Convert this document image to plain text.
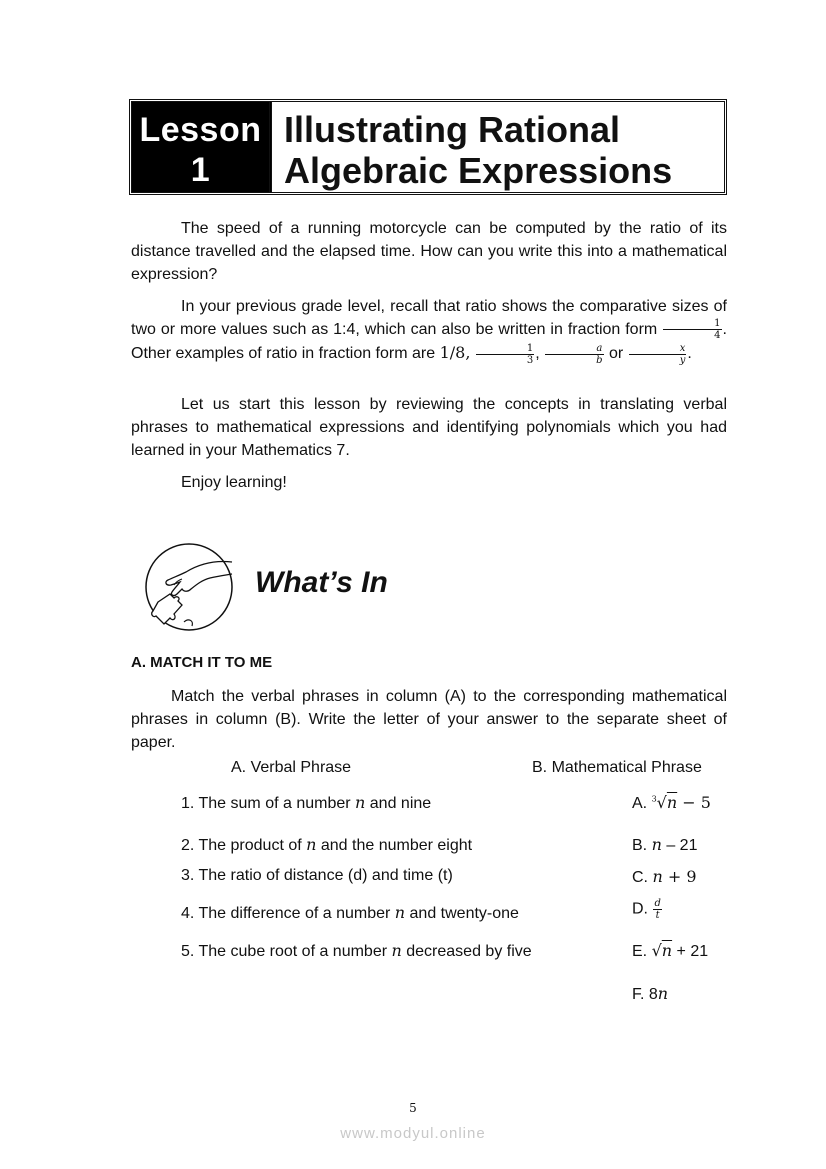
Lesson
1
Illustrating Rational
Algebraic Expressions

The speed of a running motorcycle can be computed by the ratio of its distance travelled and the elapsed time. How can you write this into a mathematical expression?

In your previous grade level, recall that ratio shows the comparative sizes of two or more values such as 1:4, which can also be written in fraction form $\frac{1}{4}$ . Other examples of ratio in fraction form are 1/8, $\frac{1}{3}$ , $\frac{a}{b}$ or $\frac{x}{y}$ .

Let us start this lesson by reviewing the concepts in translating verbal phrases to mathematical expressions and identifying polynomials which you had learned in your Mathematics 7.

Enjoy learning!

What’s In
A. MATCH IT TO ME

Match the verbal phrases in column (A) to the corresponding mathematical phrases in column (B). Write the letter of your answer to the separate sheet of paper.

A. Verbal Phrase	B. Mathematical Phrase
1. The sum of a number n and nine
2. The product of n and the number eight
3. The ratio of distance (d) and time (t)
4. The difference of a number n and twenty-one
5. The cube root of a number n decreased by five
A. $^3$√n − 5
B. n – 21
C. n + 9
D. $\frac{d}{t}$
E. √n + 21
F. 8n
5
www.modyul.online
